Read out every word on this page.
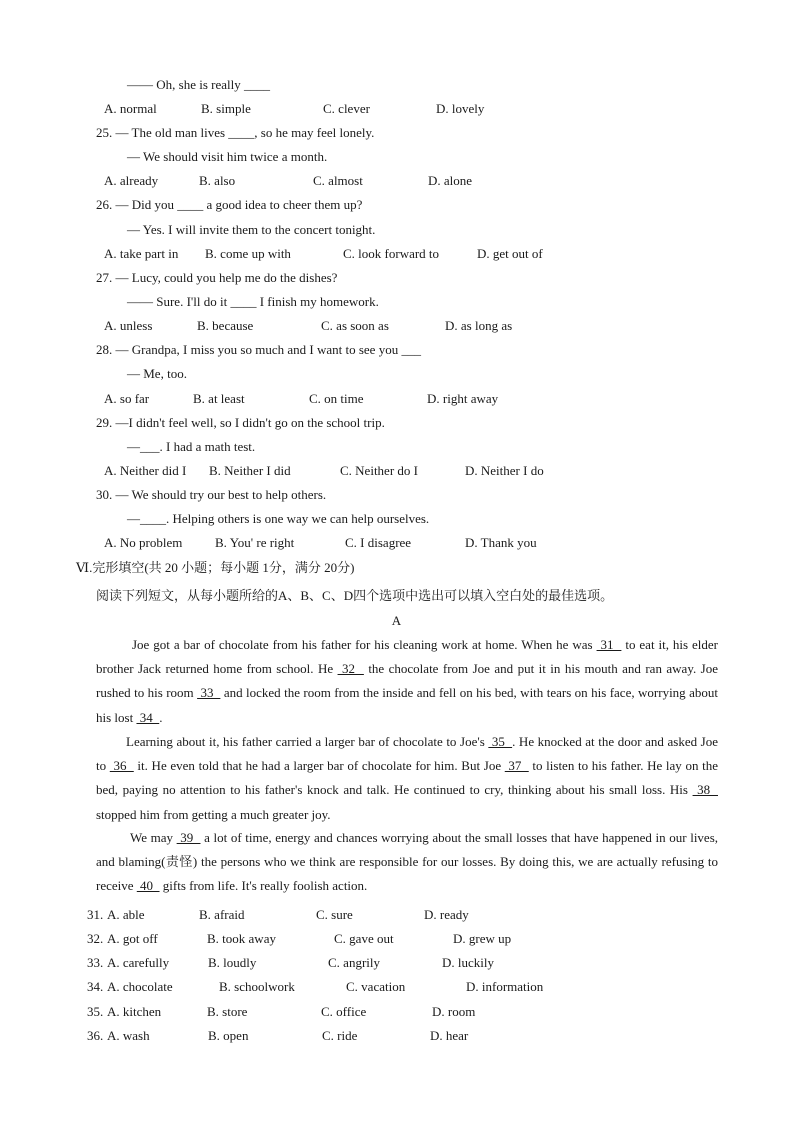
—— Oh, she is really ____
A. normal	B. simple	C. clever	D. lovely
25. — The old man lives ____, so he may feel lonely.
— We should visit him twice a month.
A. already	B. also	C. almost	D. alone
26. — Did you ____ a good idea to cheer them up?
— Yes. I will invite them to the concert tonight.
A. take part in B. come up with	C. look forward to	D. get out of
27. — Lucy, could you help me do the dishes?
—— Sure. I'll do it ____ I finish my homework.
A. unless	B. because	C. as soon as	D. as long as
28. — Grandpa, I miss you so much and I want to see you ___
— Me, too.
A. so far	B. at least	C. on time	D. right away
29. —I didn't feel well, so I didn't go on the school trip.
—___. I had a math test.
A. Neither did I B. Neither I did	C. Neither do I	D. Neither I do
30. — We should try our best to help others.
—____. Helping others is one way we can help ourselves.
A. No problem	B. You' re right	C. I disagree	D. Thank you
Ⅵ.完形填空(共 20 小题；每小题 1分，满分 20分)
阅读下列短文，从每小题所给的A、B、C、D四个选项中选出可以填入空白处的最佳选项。
A
Joe got a bar of chocolate from his father for his cleaning work at home. When he was  31   to eat it, his elder brother Jack returned home from school. He  32   the chocolate from Joe and put it in his mouth and ran away. Joe rushed to his room  33   and locked the room from the inside and fell on his bed, with tears on his face, worrying about his lost  34  .
Learning about it, his father carried a larger bar of chocolate to Joe's  35  . He knocked at the door and asked Joe to  36   it. He even told that he had a larger bar of chocolate for him. But Joe  37   to listen to his father. He lay on the bed, paying no attention to his father's knock and talk. He continued to cry, thinking about his small loss. His  38   stopped him from getting a much greater joy.
We may  39   a lot of time, energy and chances worrying about the small losses that have happened in our lives, and blaming(责怪) the persons who we think are responsible for our losses. By doing this, we are actually refusing to receive  40   gifts from life. It's really foolish action.
31. A. able	B. afraid	C. sure	D. ready
32. A. got off	B. took away	C. gave out	D. grew up
33. A. carefully	B. loudly	C. angrily	D. luckily
34. A. chocolate	B. schoolwork	C. vacation	D. information
35. A. kitchen	B. store	C. office	D. room
36. A. wash	B. open	C. ride	D. hear
